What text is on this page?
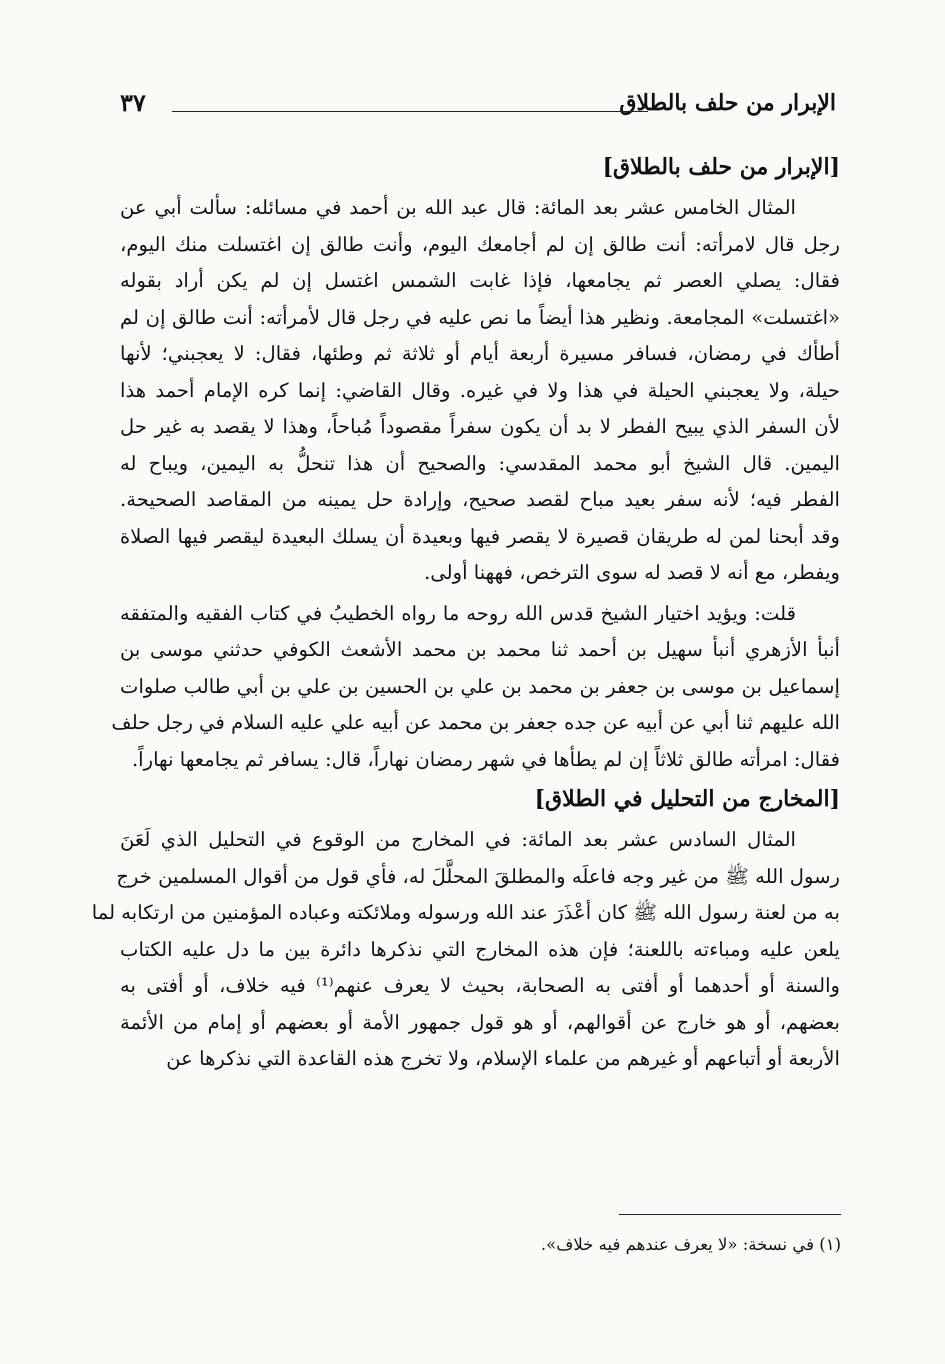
الإبرار من حلف بالطلاق
٣٧
[الإبرار من حلف بالطلاق]
المثال الخامس عشر بعد المائة: قال عبد الله بن أحمد في مسائله: سألت أبي عن
رجل قال لامرأته: أنت طالق إن لم أجامعك اليوم، وأنت طالق إن اغتسلت منك اليوم،
فقال: يصلي العصر ثم يجامعها، فإذا غابت الشمس اغتسل إن لم يكن أراد بقوله
«اغتسلت» المجامعة. ونظير هذا أيضاً ما نص عليه في رجل قال لأمرأته: أنت طالق إن لم
أطأك في رمضان، فسافر مسيرة أربعة أيام أو ثلاثة ثم وطئها، فقال: لا يعجبني؛ لأنها
حيلة، ولا يعجبني الحيلة في هذا ولا في غيره. وقال القاضي: إنما كره الإمام أحمد هذا
لأن السفر الذي يبيح الفطر لا بد أن يكون سفراً مقصوداً مُباحاً، وهذا لا يقصد به غير حل
اليمين. قال الشيخ أبو محمد المقدسي: والصحيح أن هذا تنحلُّ به اليمين، ويباح له
الفطر فيه؛ لأنه سفر بعيد مباح لقصد صحيح، وإرادة حل يمينه من المقاصد الصحيحة.
وقد أبحنا لمن له طريقان قصيرة لا يقصر فيها وبعيدة أن يسلك البعيدة ليقصر فيها الصلاة
ويفطر، مع أنه لا قصد له سوى الترخص، فههنا أولى.
قلت: ويؤيد اختيار الشيخ قدس الله روحه ما رواه الخطيبُ في كتاب الفقيه والمتفقه
أنبأ الأزهري أنبأ سهيل بن أحمد ثنا محمد بن محمد الأشعث الكوفي حدثني موسى بن
إسماعيل بن موسى بن جعفر بن محمد بن علي بن الحسين بن علي بن أبي طالب صلوات
الله عليهم ثنا أبي عن أبيه عن جده جعفر بن محمد عن أبيه علي عليه السلام في رجل حلف
فقال: امرأته طالق ثلاثاً إن لم يطأها في شهر رمضان نهاراً، قال: يسافر ثم يجامعها نهاراً.
[المخارج من التحليل في الطلاق]
المثال السادس عشر بعد المائة: في المخارج من الوقوع في التحليل الذي لَعَنَ
رسول الله ﷺ من غير وجه فاعلَه والمطلقَ المحلَّلَ له، فأي قول من أقوال المسلمين خرج
به من لعنة رسول الله ﷺ كان أعْذَرَ عند الله ورسوله وملائكته وعباده المؤمنين من ارتكابه لما
يلعن عليه ومباءته باللعنة؛ فإن هذه المخارج التي نذكرها دائرة بين ما دل عليه الكتاب
والسنة أو أحدهما أو أفتى به الصحابة، بحيث لا يعرف عنهم⁽¹⁾ فيه خلاف، أو أفتى به
بعضهم، أو هو خارج عن أقوالهم، أو هو قول جمهور الأمة أو بعضهم أو إمام من الأئمة
الأربعة أو أتباعهم أو غيرهم من علماء الإسلام، ولا تخرج هذه القاعدة التي نذكرها عن
(١) في نسخة: «لا يعرف عندهم فيه خلاف».
